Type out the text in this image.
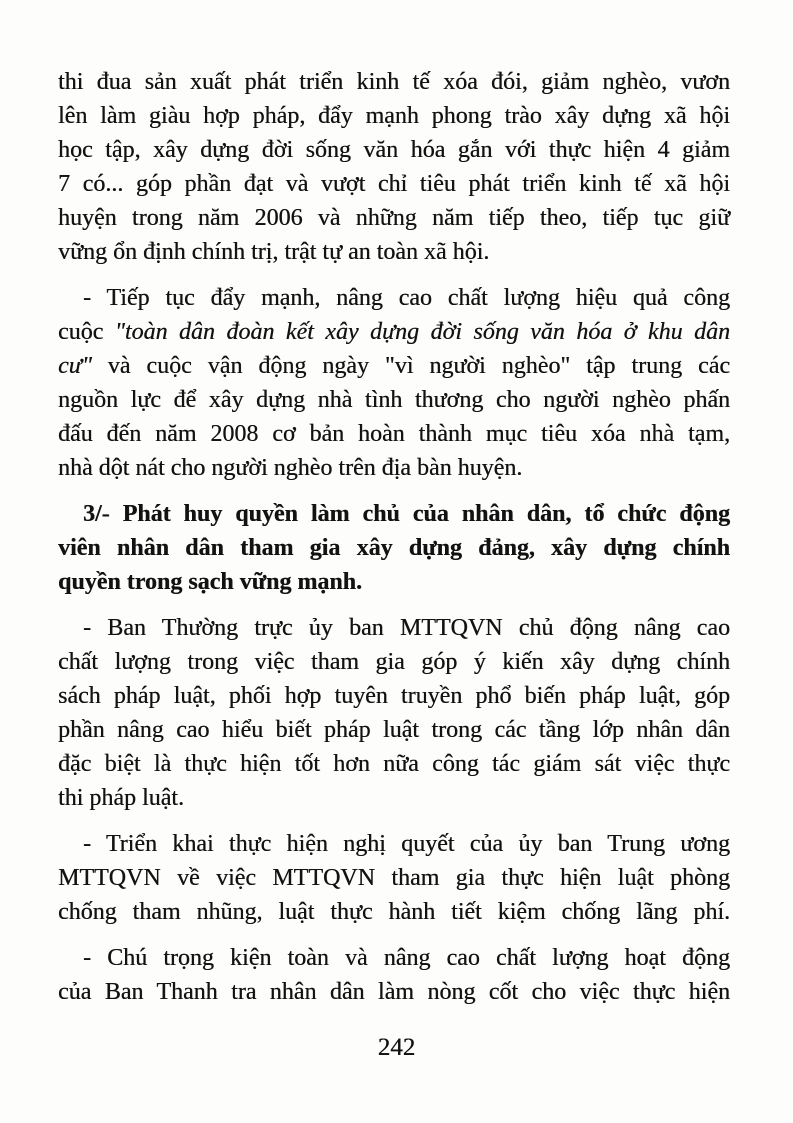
thi đua sản xuất phát triển kinh tế xóa đói, giảm nghèo, vươn
lên làm giàu hợp pháp, đẩy mạnh phong trào xây dựng xã hội
học tập, xây dựng đời sống văn hóa gắn với thực hiện 4 giảm
7 có... góp phần đạt và vượt chỉ tiêu phát triển kinh tế xã hội
huyện trong năm 2006 và những năm tiếp theo, tiếp tục giữ
vững ổn định chính trị, trật tự an toàn xã hội.
- Tiếp tục đẩy mạnh, nâng cao chất lượng hiệu quả công
cuộc "toàn dân đoàn kết xây dựng đời sống văn hóa ở khu dân
cư" và cuộc vận động ngày "vì người nghèo" tập trung các
nguồn lực để xây dựng nhà tình thương cho người nghèo phấn
đấu đến năm 2008 cơ bản hoàn thành mục tiêu xóa nhà tạm,
nhà dột nát cho người nghèo trên địa bàn huyện.
3/- Phát huy quyền làm chủ của nhân dân, tổ chức động
viên nhân dân tham gia xây dựng đảng, xây dựng chính
quyền trong sạch vững mạnh.
- Ban Thường trực ủy ban MTTQVN chủ động nâng cao
chất lượng trong việc tham gia góp ý kiến xây dựng chính
sách pháp luật, phối hợp tuyên truyền phổ biến pháp luật, góp
phần nâng cao hiểu biết pháp luật trong các tầng lớp nhân dân
đặc biệt là thực hiện tốt hơn nữa công tác giám sát việc thực
thi pháp luật.
- Triển khai thực hiện nghị quyết của ủy ban Trung ương
MTTQVN về việc MTTQVN tham gia thực hiện luật phòng
chống tham nhũng, luật thực hành tiết kiệm chống lãng phí.
- Chú trọng kiện toàn và nâng cao chất lượng hoạt động
của Ban Thanh tra nhân dân làm nòng cốt cho việc thực hiện
242
